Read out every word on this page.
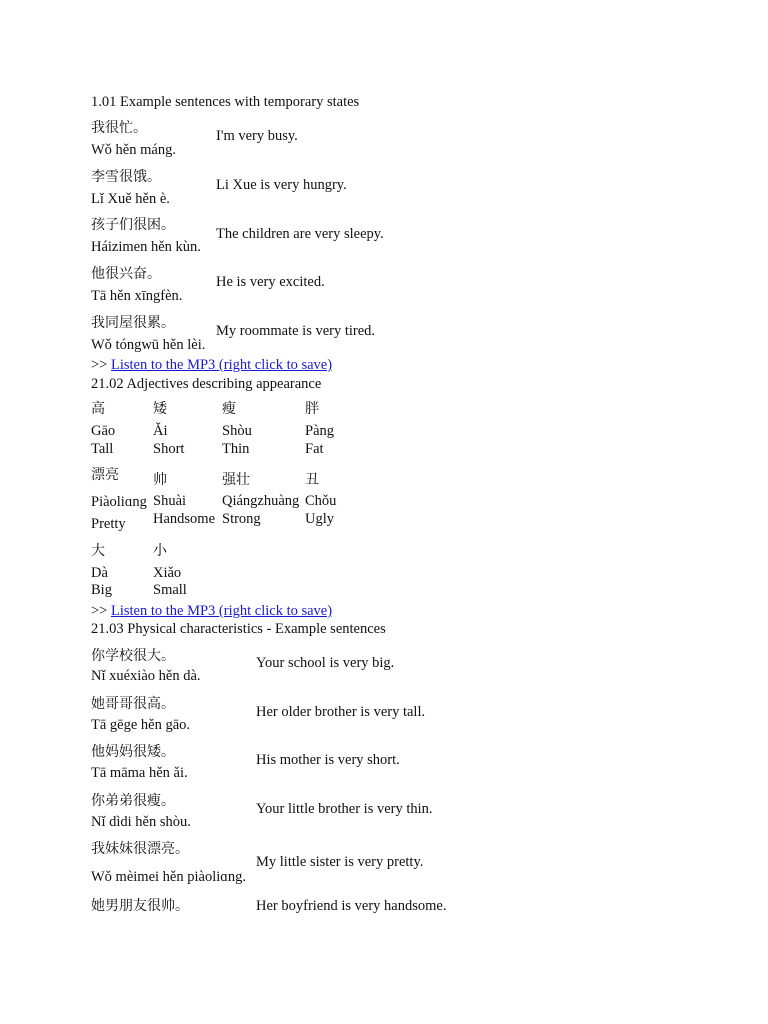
1.01 Example sentences with temporary states
我很忙。
Wǒ hěn máng.
I'm very busy.
李雪很饿。
Lǐ Xuě hěn è.
Li Xue is very hungry.
孩子们很困。
Háizimen hěn kùn.
The children are very sleepy.
他很兴奋。
Tā hěn xīngfèn.
He is very excited.
我同屋很累。
Wǒ tóngwū hěn lèi.
My roommate is very tired.
>> Listen to the MP3 (right click to save)
21.02 Adjectives describing appearance
高
Gāo
Tall
矮
Ǎi
Short
瘦
Shòu
Thin
胖
Pàng
Fat
漂亮
Piàoliɑng
Pretty
帅
Shuài
Handsome
强壮
Qiángzhuàng
Strong
丑
Chǒu
Ugly
大
Dà
Big
小
Xiǎo
Small
>> Listen to the MP3 (right click to save)
21.03 Physical characteristics - Example sentences
你学校很大。
Nǐ xuéxiào hěn dà.
Your school is very big.
她哥哥很高。
Tā gēge hěn gāo.
Her older brother is very tall.
他妈妈很矮。
Tā māma hěn ǎi.
His mother is very short.
你弟弟很瘦。
Nǐ dìdi hěn shòu.
Your little brother is very thin.
我妹妹很漂亮。
Wǒ mèimei hěn piàoliɑng.
My little sister is very pretty.
她男朋友很帅。	Her boyfriend is very handsome.
